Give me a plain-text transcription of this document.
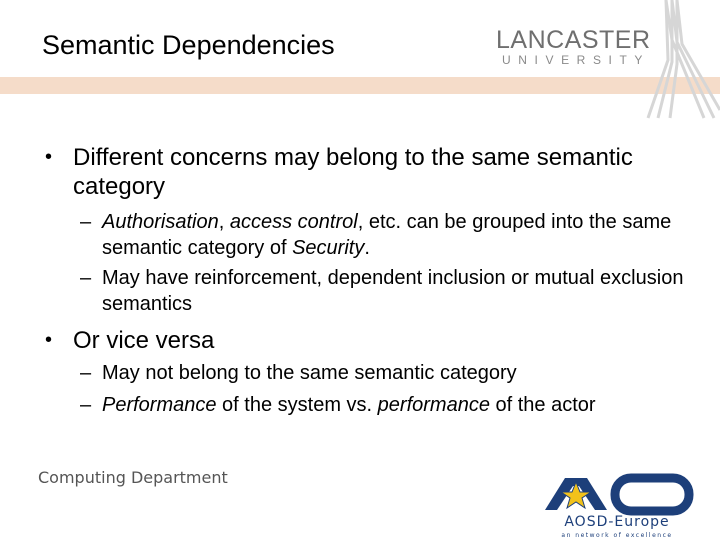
Semantic Dependencies	LANCASTER
UNIVERSITY
• Different concerns may belong to the same semantic category
– Authorisation, access control, etc. can be grouped into the same semantic category of Security.
– May have reinforcement, dependent inclusion or mutual exclusion semantics
• Or vice versa
– May not belong to the same semantic category
– Performance of the system vs. performance of the actor
Computing Department
AOSD-Europe
an network of excellence
